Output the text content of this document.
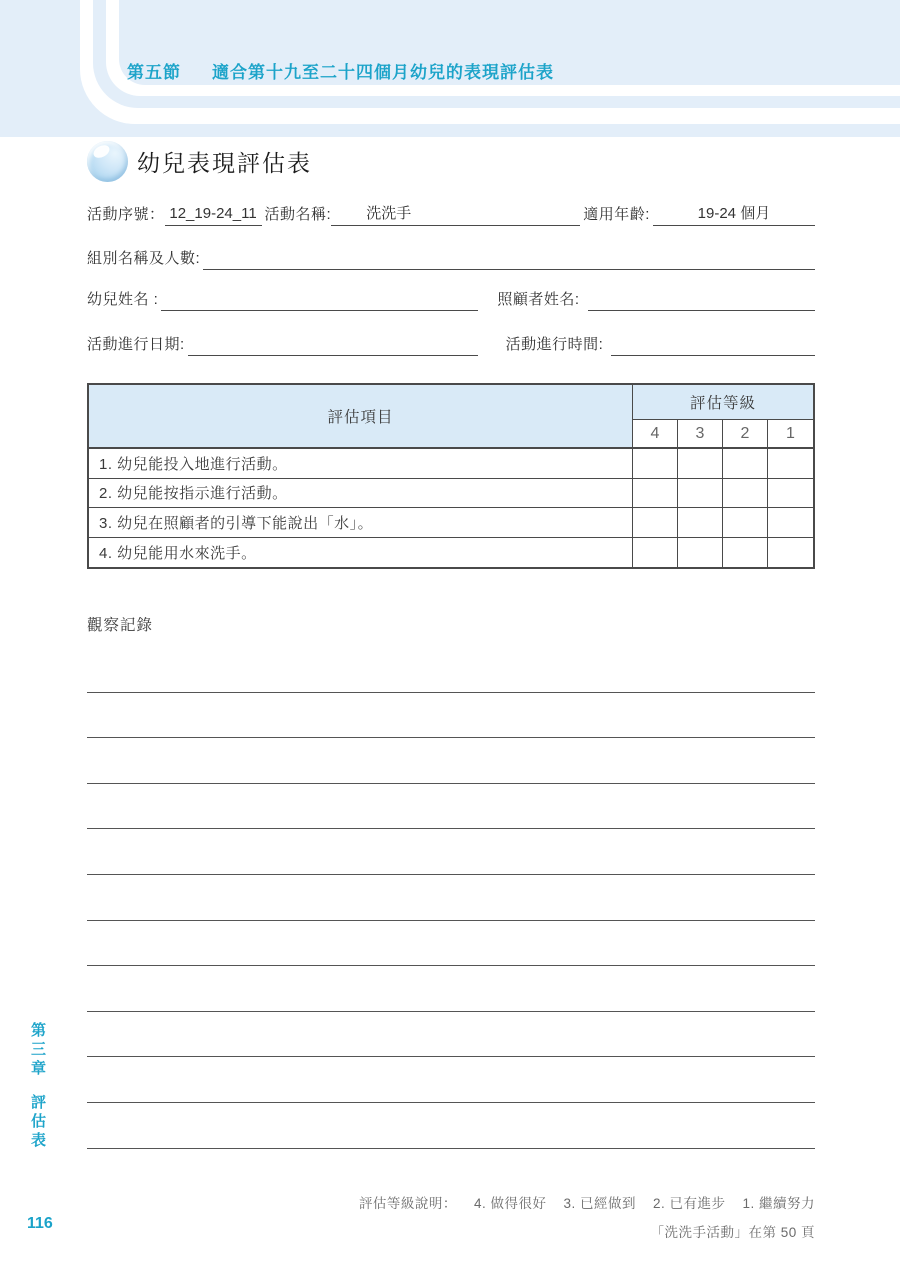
第五節 適合第十九至二十四個月幼兒的表現評估表
幼兒表現評估表
活動序號： 12_19-24_11 活動名稱:	洗洗手	適用年齡:	19-24 個月
組別名稱及人數:
幼兒姓名 :	照顧者姓名:
活動進行日期:	活動進行時間:
評估項目
評估等級
4	3	2	1
1. 幼兒能投入地進行活動。
2. 幼兒能按指示進行活動。
3. 幼兒在照顧者的引導下能說出「水」。
4. 幼兒能用水來洗手。
觀察記錄
第三章
評估表
評估等級說明： 4. 做得很好 3. 已經做到 2. 已有進步 1. 繼續努力
「洗洗手活動」在第 50 頁
116
